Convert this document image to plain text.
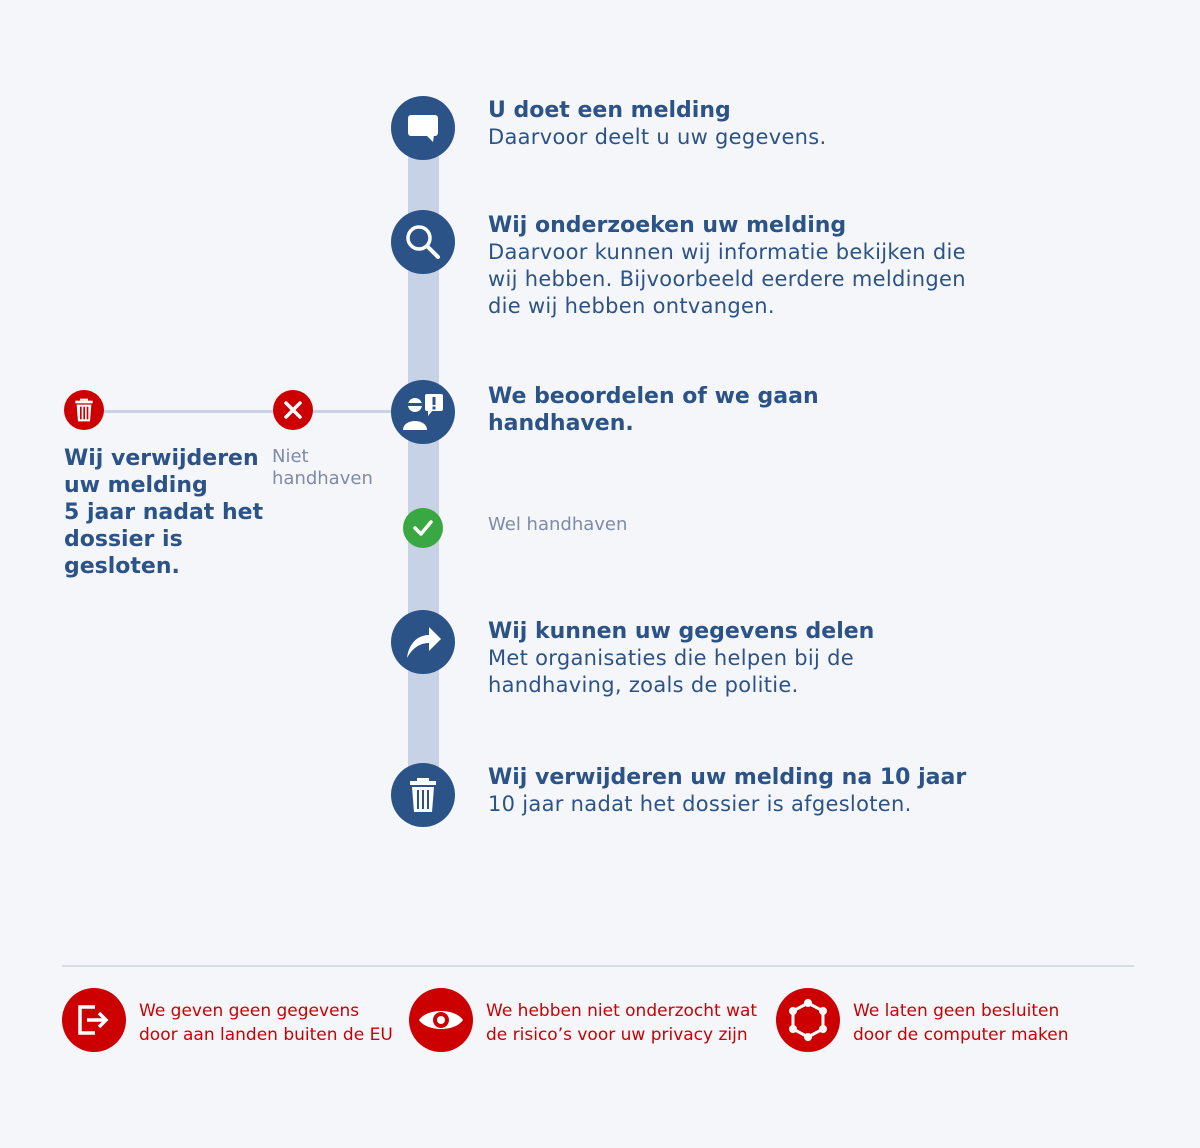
U doet een melding

Daarvoor deelt u uw gegevens.

Wij onderzoeken uw melding

Daarvoor kunnen wij informatie bekijken die
wij hebben. Bijvoorbeeld eerdere meldingen
die wij hebben ontvangen.

We beoordelen of we gaan
handhaven.

Wel handhaven

Wij kunnen uw gegevens delen

Met organisaties die helpen bij de
handhaving, zoals de politie.

Wij verwijderen uw melding na 10 jaar

10 jaar nadat het dossier is afgesloten.

Niet
handhaven

Wij verwijderen
uw melding
5 jaar nadat het
dossier is
gesloten.

We geven geen gegevens
door aan landen buiten de EU

We hebben niet onderzocht wat
de risico’s voor uw privacy zijn

We laten geen besluiten
door de computer maken
